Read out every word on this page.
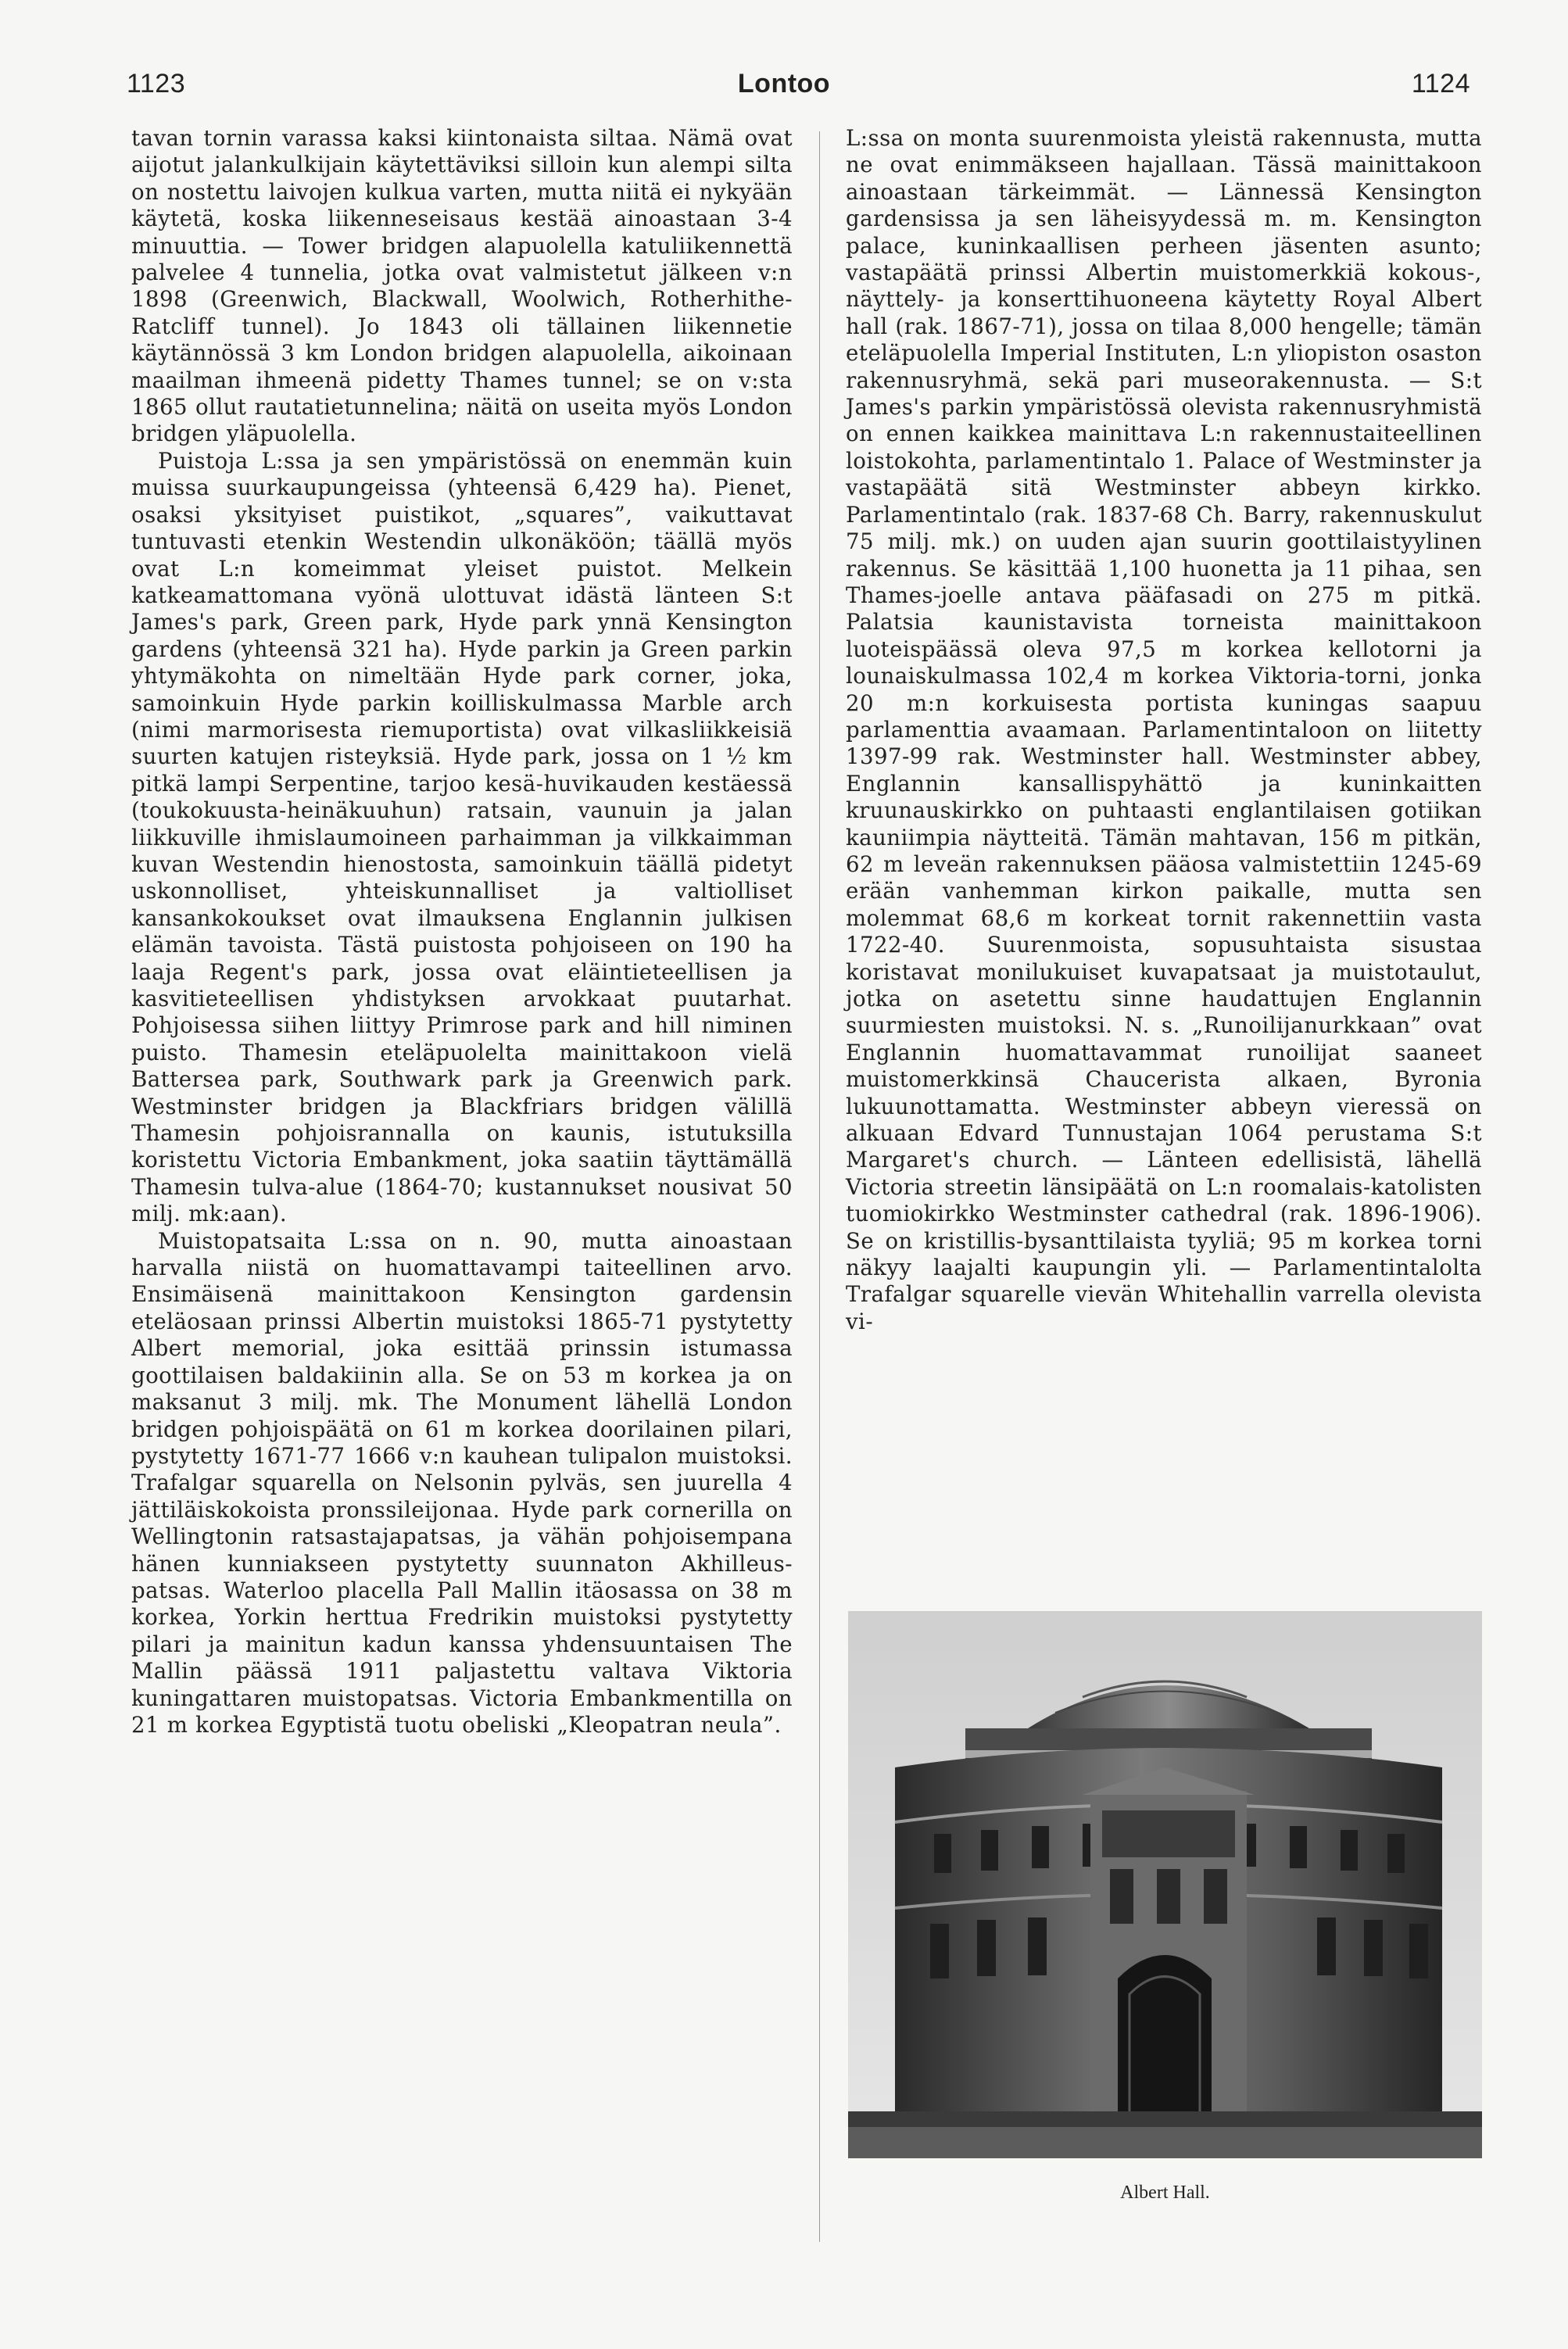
1123	Lontoo	1124

tavan tornin varassa kaksi kiintonaista siltaa. Nämä ovat aijotut jalankulkijain käytettäviksi silloin kun alempi silta on nostettu laivojen kulkua varten, mutta niitä ei nykyään käytetä, koska liikenneseisaus kestää ainoastaan 3-4 minuuttia. — Tower bridgen alapuolella katuliikennettä palvelee 4 tunnelia, jotka ovat valmistetut jälkeen v:n 1898 (Greenwich, Blackwall, Woolwich, Rotherhithe-Ratcliff tunnel). Jo 1843 oli tällainen liikennetie käytännössä 3 km London bridgen alapuolella, aikoinaan maailman ihmeenä pidetty Thames tunnel; se on v:sta 1865 ollut rautatietunnelina; näitä on useita myös London bridgen yläpuolella.

Puistoja L:ssa ja sen ympäristössä on enemmän kuin muissa suurkaupungeissa (yhteensä 6,429 ha). Pienet, osaksi yksityiset puistikot, „squares”, vaikuttavat tuntuvasti etenkin Westendin ulkonäköön; täällä myös ovat L:n komeimmat yleiset puistot. Melkein katkeamattomana vyönä ulottuvat idästä länteen S:t James's park, Green park, Hyde park ynnä Kensington gardens (yhteensä 321 ha). Hyde parkin ja Green parkin yhtymäkohta on nimeltään Hyde park corner, joka, samoinkuin Hyde parkin koilliskulmassa Marble arch (nimi marmorisesta riemuportista) ovat vilkasliikkeisiä suurten katujen risteyksiä. Hyde park, jossa on 1 ½ km pitkä lampi Serpentine, tarjoo kesä-huvikauden kestäessä (toukokuusta-heinäkuuhun) ratsain, vaunuin ja jalan liikkuville ihmislaumoineen parhaimman ja vilkkaimman kuvan Westendin hienostosta, samoinkuin täällä pidetyt uskonnolliset, yhteiskunnalliset ja valtiolliset kansankokoukset ovat ilmauksena Englannin julkisen elämän tavoista. Tästä puistosta pohjoiseen on 190 ha laaja Regent's park, jossa ovat eläintieteellisen ja kasvitieteellisen yhdistyksen arvokkaat puutarhat. Pohjoisessa siihen liittyy Primrose park and hill niminen puisto. Thamesin eteläpuolelta mainittakoon vielä Battersea park, Southwark park ja Greenwich park. Westminster bridgen ja Blackfriars bridgen välillä Thamesin pohjoisrannalla on kaunis, istutuksilla koristettu Victoria Embankment, joka saatiin täyttämällä Thamesin tulva-alue (1864-70; kustannukset nousivat 50 milj. mk:aan).

Muistopatsaita L:ssa on n. 90, mutta ainoastaan harvalla niistä on huomattavampi taiteellinen arvo. Ensimäisenä mainittakoon Kensington gardensin eteläosaan prinssi Albertin muistoksi 1865-71 pystytetty Albert memorial, joka esittää prinssin istumassa goottilaisen baldakiinin alla. Se on 53 m korkea ja on maksanut 3 milj. mk. The Monument lähellä London bridgen pohjoispäätä on 61 m korkea doorilainen pilari, pystytetty 1671-77 1666 v:n kauhean tulipalon muistoksi. Trafalgar squarella on Nelsonin pylväs, sen juurella 4 jättiläiskokoista pronssileijonaa. Hyde park cornerilla on Wellingtonin ratsastajapatsas, ja vähän pohjoisempana hänen kunniakseen pystytetty suunnaton Akhilleus-patsas. Waterloo placella Pall Mallin itäosassa on 38 m korkea, Yorkin herttua Fredrikin muistoksi pystytetty pilari ja mainitun kadun kanssa yhdensuuntaisen The Mallin päässä 1911 paljastettu valtava Viktoria kuningattaren muistopatsas. Victoria Embankmentilla on 21 m korkea Egyptistä tuotu obeliski „Kleopatran neula”.

L:ssa on monta suurenmoista yleistä rakennusta, mutta ne ovat enimmäkseen hajallaan. Tässä mainittakoon ainoastaan tärkeimmät. — Lännessä Kensington gardensissa ja sen läheisyydessä m. m. Kensington palace, kuninkaallisen perheen jäsenten asunto; vastapäätä prinssi Albertin muistomerkkiä kokous-, näyttely- ja konserttihuoneena käytetty Royal Albert hall (rak. 1867-71), jossa on tilaa 8,000 hengelle; tämän eteläpuolella Imperial Instituten, L:n yliopiston osaston rakennusryhmä, sekä pari museorakennusta. — S:t James's parkin ympäristössä olevista rakennusryhmistä on ennen kaikkea mainittava L:n rakennustaiteellinen loistokohta, parlamentintalo 1. Palace of Westminster ja vastapäätä sitä Westminster abbeyn kirkko. Parlamentintalo (rak. 1837-68 Ch. Barry, rakennuskulut 75 milj. mk.) on uuden ajan suurin goottilaistyylinen rakennus. Se käsittää 1,100 huonetta ja 11 pihaa, sen Thames-joelle antava pääfasadi on 275 m pitkä. Palatsia kaunistavista torneista mainittakoon luoteispäässä oleva 97,5 m korkea kellotorni ja lounaiskulmassa 102,4 m korkea Viktoria-torni, jonka 20 m:n korkuisesta portista kuningas saapuu parlamenttia avaamaan. Parlamentintaloon on liitetty 1397-99 rak. Westminster hall. Westminster abbey, Englannin kansallispyhättö ja kuninkaitten kruunauskirkko on puhtaasti englantilaisen gotiikan kauniimpia näytteitä. Tämän mahtavan, 156 m pitkän, 62 m leveän rakennuksen pääosa valmistettiin 1245-69 erään vanhemman kirkon paikalle, mutta sen molemmat 68,6 m korkeat tornit rakennettiin vasta 1722-40. Suurenmoista, sopusuhtaista sisustaa koristavat monilukuiset kuvapatsaat ja muistotaulut, jotka on asetettu sinne haudattujen Englannin suurmiesten muistoksi. N. s. „Runoilijanurkkaan” ovat Englannin huomattavammat runoilijat saaneet muistomerkkinsä Chaucerista alkaen, Byronia lukuunottamatta. Westminster abbeyn vieressä on alkuaan Edvard Tunnustajan 1064 perustama S:t Margaret's church. — Länteen edellisistä, lähellä Victoria streetin länsipäätä on L:n roomalais-katolisten tuomiokirkko Westminster cathedral (rak. 1896-1906). Se on kristillis-bysanttilaista tyyliä; 95 m korkea torni näkyy laajalti kaupungin yli. — Parlamentintalolta Trafalgar squarelle vievän Whitehallin varrella olevista vi-

Albert Hall.
